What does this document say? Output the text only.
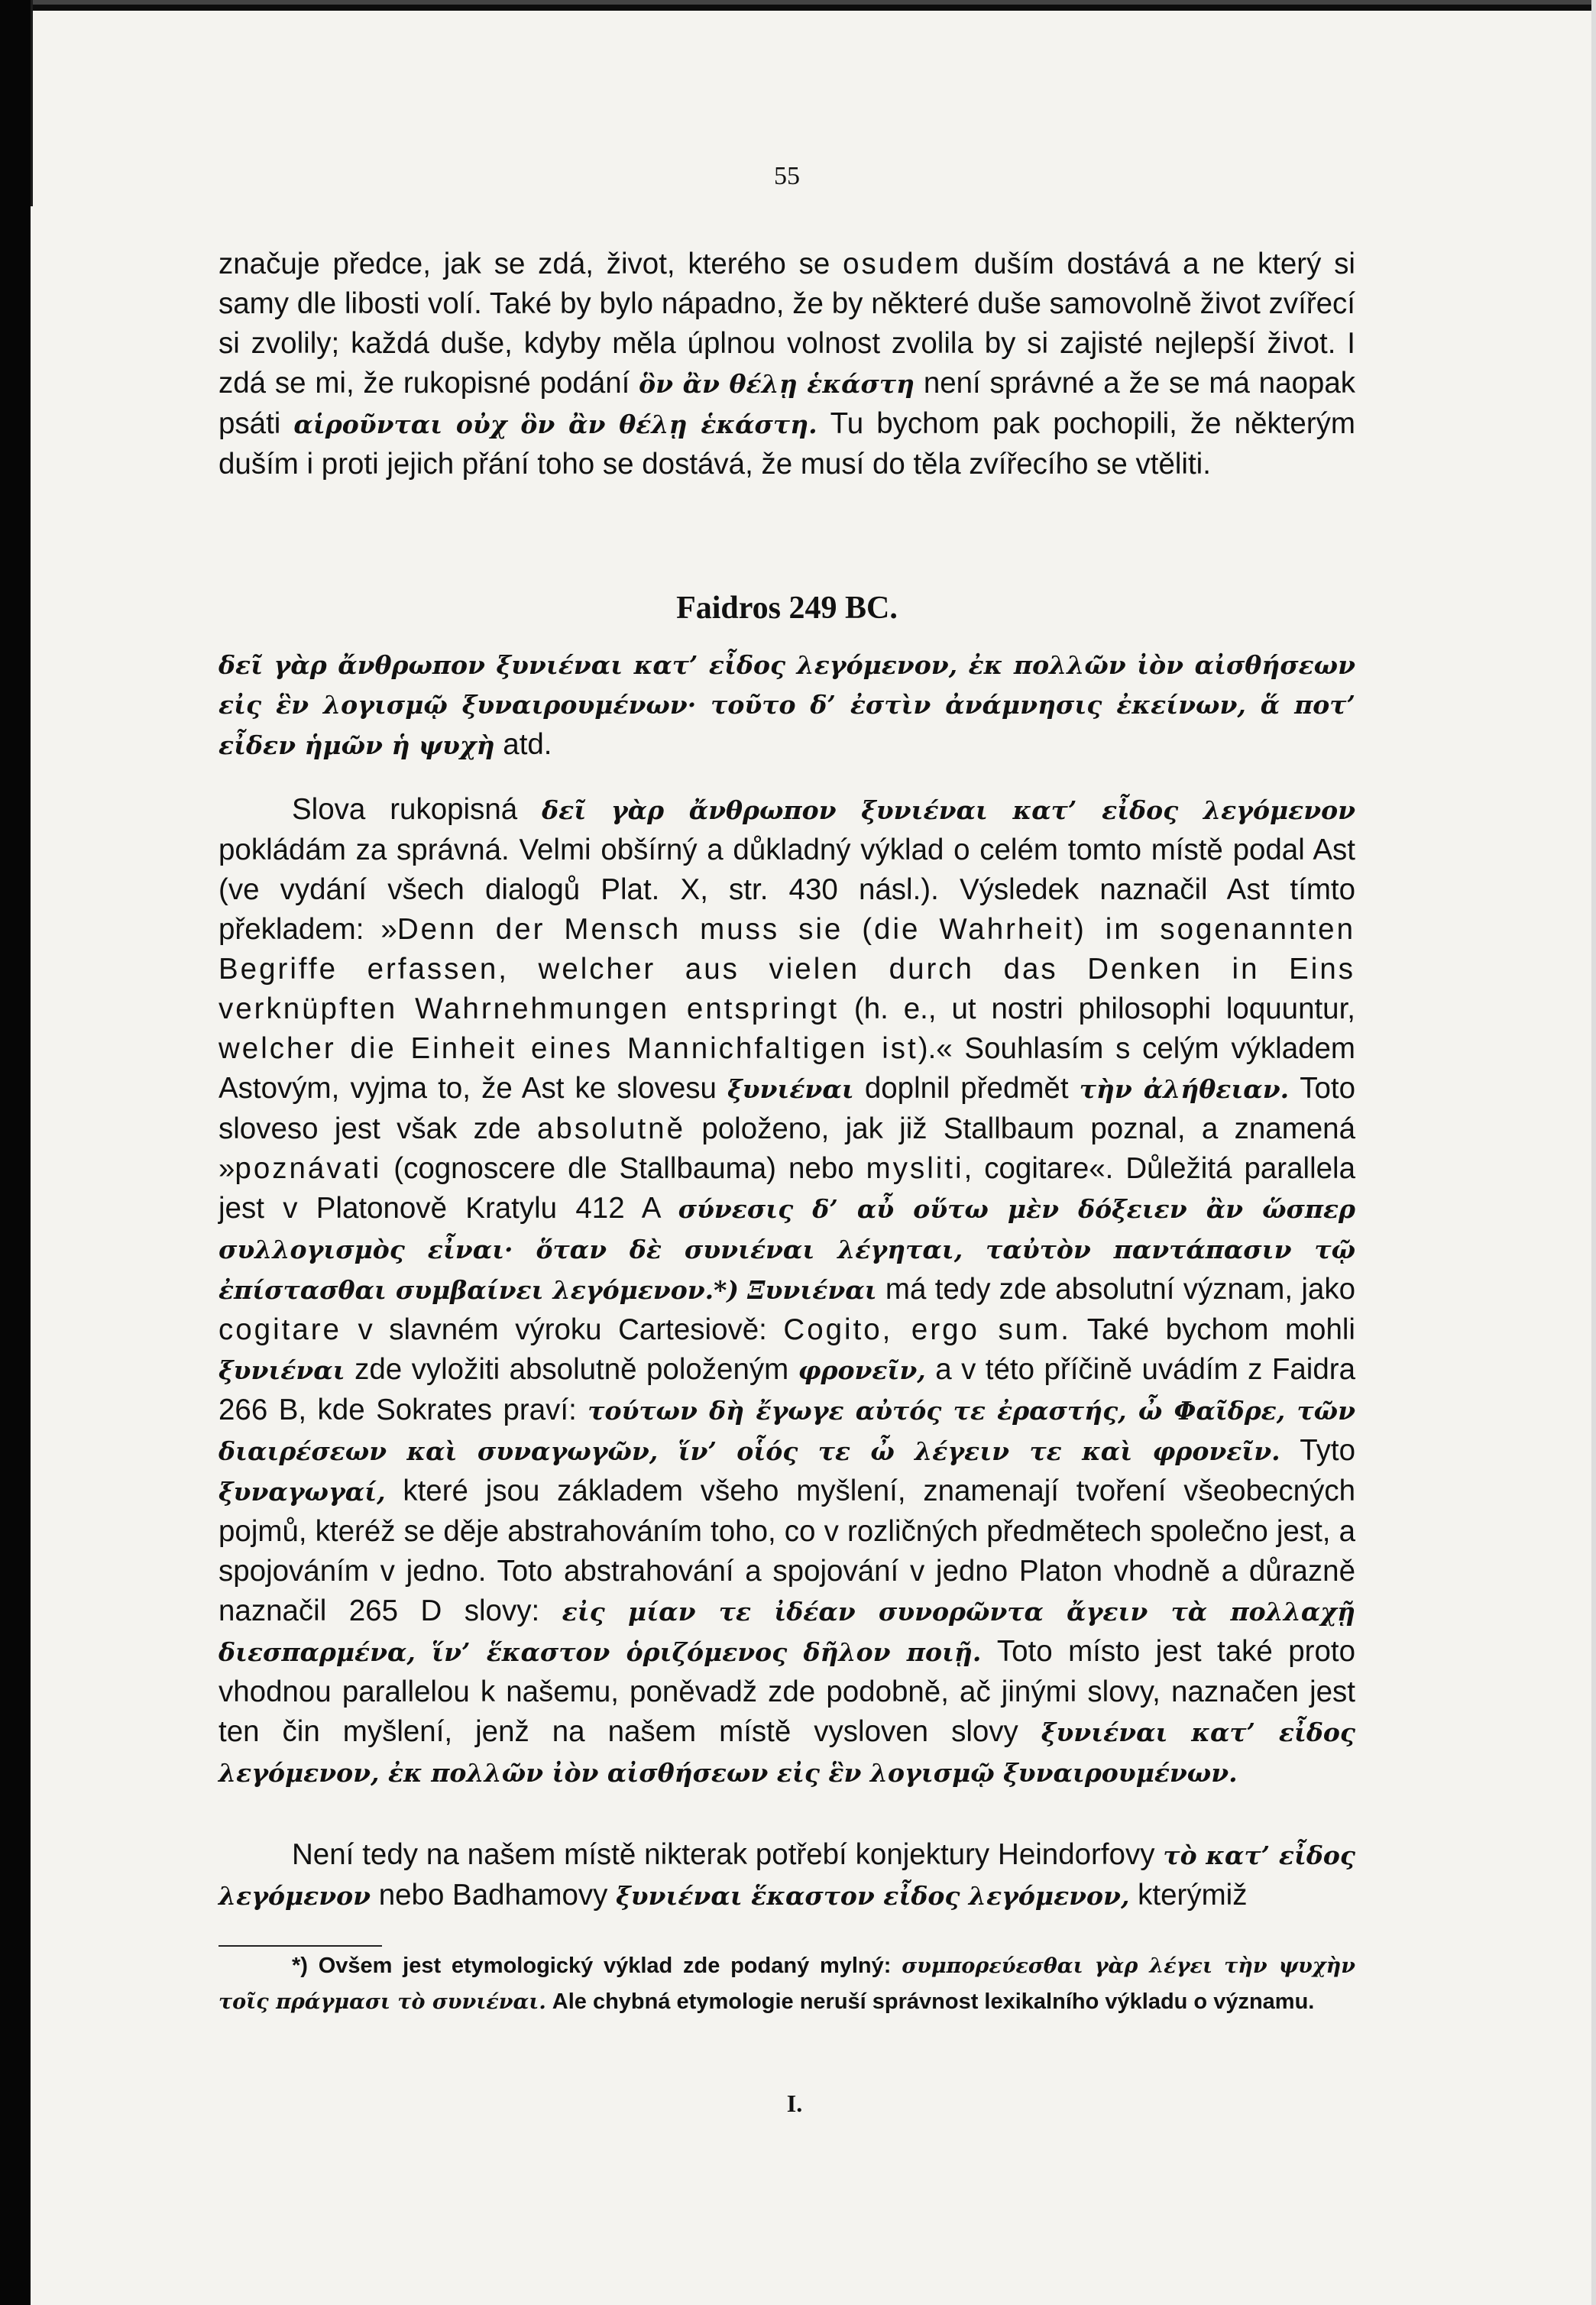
55

značuje předce, jak se zdá, život, kterého se osudem duším dostává a ne který si samy dle libosti volí. Také by bylo nápadno, že by některé duše samovolně život zvířecí si zvolily; každá duše, kdyby měla úplnou volnost zvolila by si zajisté nejlepší život. I zdá se mi, že rukopisné podání ὃν ἂν θέλῃ ἑκάστη není správné a že se má naopak psáti αἱροῦνται οὐχ ὃν ἂν θέλῃ ἑκάστη. Tu bychom pak pochopili, že některým duším i proti jejich přání toho se dostává, že musí do těla zvířecího se vtěliti.

Faidros 249 BC.

δεῖ γὰρ ἄνθρωπον ξυνιέναι κατ’ εἶδος λεγόμενον, ἐκ πολλῶν ἰὸν αἰσθήσεων εἰς ἓν λογισμῷ ξυναιρουμένων· τοῦτο δ’ ἐστὶν ἀνάμνησις ἐκείνων, ἅ ποτ’ εἶδεν ἡμῶν ἡ ψυχὴ atd.

Slova rukopisná δεῖ γὰρ ἄνθρωπον ξυνιέναι κατ’ εἶδος λεγόμενον pokládám za správná. Velmi obšírný a důkladný výklad o celém tomto místě podal Ast (ve vydání všech dialogů Plat. X, str. 430 násl.). Výsledek naznačil Ast tímto překladem: »Denn der Mensch muss sie (die Wahrheit) im sogenannten Begriffe erfassen, welcher aus vielen durch das Denken in Eins verknüpften Wahrnehmungen entspringt (h. e., ut nostri philosophi loquuntur, welcher die Einheit eines Mannichfaltigen ist).« Souhlasím s celým výkladem Astovým, vyjma to, že Ast ke slovesu ξυνιέναι doplnil předmět τὴν ἀλήθειαν. Toto sloveso jest však zde absolutně položeno, jak již Stallbaum poznal, a znamená »poznávati (cognoscere dle Stallbauma) nebo mysliti, cogitare«. Důležitá parallela jest v Platonově Kratylu 412 A σύνεσις δ’ αὖ οὕτω μὲν δόξειεν ἂν ὥσπερ συλλογισμὸς εἶναι· ὅταν δὲ συνιέναι λέγηται, ταὐτὸν παντάπασιν τῷ ἐπίστασθαι συμβαίνει λεγόμενον.*) Ξυνιέναι má tedy zde absolutní význam, jako cogitare v slavném výroku Cartesiově: Cogito, ergo sum. Také bychom mohli ξυνιέναι zde vyložiti absolutně položeným φρονεῖν, a v této příčině uvádím z Faidra 266 B, kde Sokrates praví: τούτων δὴ ἔγωγε αὐτός τε ἐραστής, ὦ Φαῖδρε, τῶν διαιρέσεων καὶ συναγωγῶν, ἵν’ οἷός τε ὦ λέγειν τε καὶ φρονεῖν. Tyto ξυναγωγαί, které jsou základem všeho myšlení, znamenají tvoření všeobecných pojmů, kteréž se děje abstrahováním toho, co v rozličných předmětech společno jest, a spojováním v jedno. Toto abstrahování a spojování v jedno Platon vhodně a důrazně naznačil 265 D slovy: εἰς μίαν τε ἰδέαν συνορῶντα ἄγειν τὰ πολλαχῇ διεσπαρμένα, ἵν’ ἕκαστον ὁριζόμενος δῆλον ποιῇ. Toto místo jest také proto vhodnou parallelou k našemu, poněvadž zde podobně, ač jinými slovy, naznačen jest ten čin myšlení, jenž na našem místě vysloven slovy ξυνιέναι κατ’ εἶδος λεγόμενον, ἐκ πολλῶν ἰὸν αἰσθήσεων εἰς ἓν λογισμῷ ξυναιρουμένων.

Není tedy na našem místě nikterak potřebí konjektury Heindorfovy τὸ κατ’ εἶδος λεγόμενον nebo Badhamovy ξυνιέναι ἕκαστον εἶδος λεγόμενον, kterýmiž

*) Ovšem jest etymologický výklad zde podaný mylný: συμπορεύεσθαι γὰρ λέγει τὴν ψυχὴν τοῖς πράγμασι τὸ συνιέναι. Ale chybná etymologie neruší správnost lexikalního výkladu o významu.

I.
